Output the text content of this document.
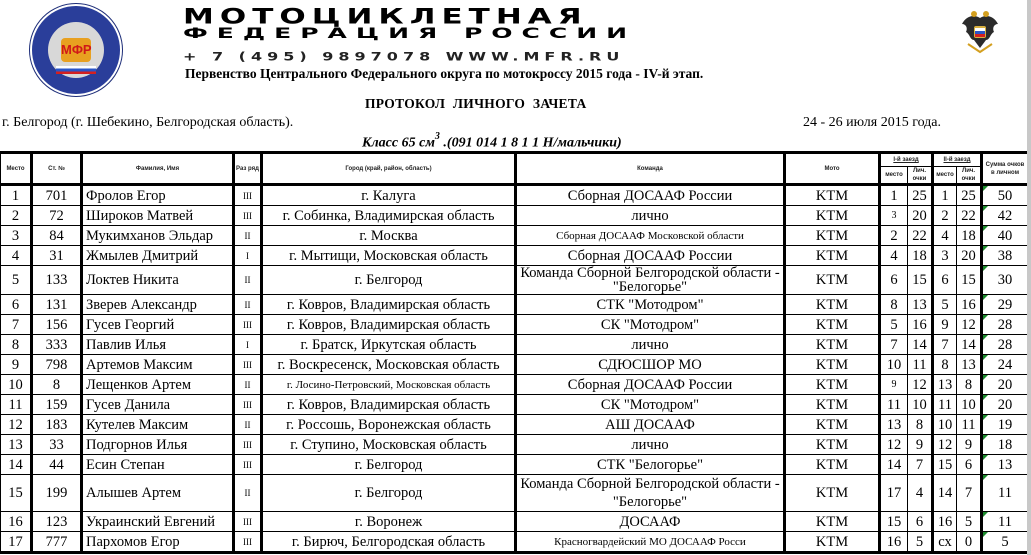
МФР
МОТОЦИКЛЕТНАЯ
ФЕДЕРАЦИЯ РОССИИ
+ 7 (495) 9897078 WWW.MFR.RU
Первенство Центрального Федерального округа по мотокроссу 2015 года - IV-й этап.
ПРОТОКОЛ ЛИЧНОГО ЗАЧЕТА
г. Белгород (г. Шебекино, Белгородская область).	24 - 26 июля 2015 года.
Класс 65 $см^3$ .(091 014 1 8 1 1 Н/мальчики)
Место	Ст. №	Фамилия, Имя	Раз ряд	Город (край, район, область)	Команда	Мото	I-й заезд		II-й заезд		Сумма очков в личном
							место	Лич. очки	место	Лич. очки	
1	701	Фролов Егор	III	г. Калуга	Сборная ДОСААФ России	KTM	1	25	1	25	50
2	72	Широков Матвей	III	г. Собинка, Владимирская область	лично	KTM	3	20	2	22	42
3	84	Мукимханов Эльдар	II	г. Москва	Сборная ДОСААФ Московской области	KTM	2	22	4	18	40
4	31	Жмылев Дмитрий	I	г. Мытищи, Московская область	Сборная ДОСААФ России	KTM	4	18	3	20	38
5	133	Локтев Никита	II	г. Белгород	Команда Сборной Белгородской области - "Белогорье"	KTM	6	15	6	15	30
6	131	Зверев Александр	II	г. Ковров, Владимирская область	СТК "Мотодром"	KTM	8	13	5	16	29
7	156	Гусев Георгий	III	г. Ковров, Владимирская область	СК "Мотодром"	KTM	5	16	9	12	28
8	333	Павлив Илья	I	г. Братск, Иркутская область	лично	KTM	7	14	7	14	28
9	798	Артемов Максим	III	г. Воскресенск, Московская область	СДЮСШОР МО	KTM	10	11	8	13	24
10	8	Лещенков Артем	II	г. Лосино-Петровский, Московская область	Сборная ДОСААФ России	KTM	9	12	13	8	20
11	159	Гусев Данила	III	г. Ковров, Владимирская область	СК "Мотодром"	KTM	11	10	11	10	20
12	183	Кутелев Максим	II	г. Россошь, Воронежская область	АШ ДОСААФ	KTM	13	8	10	11	19
13	33	Подгорнов Илья	III	г. Ступино, Московская область	лично	KTM	12	9	12	9	18
14	44	Есин Степан	III	г. Белгород	СТК "Белогорье"	KTM	14	7	15	6	13
15	199	Алышев Артем	II	г. Белгород	Команда Сборной Белгородской области - "Белогорье"	KTM	17	4	14	7	11
16	123	Украинский Евгений	III	г. Воронеж	ДОСААФ	KTM	15	6	16	5	11
17	777	Пархомов Егор	III	г. Бирюч, Белгородская область	Красногвардейский МО ДОСААФ Росси	KTM	16	5	сх	0	5
